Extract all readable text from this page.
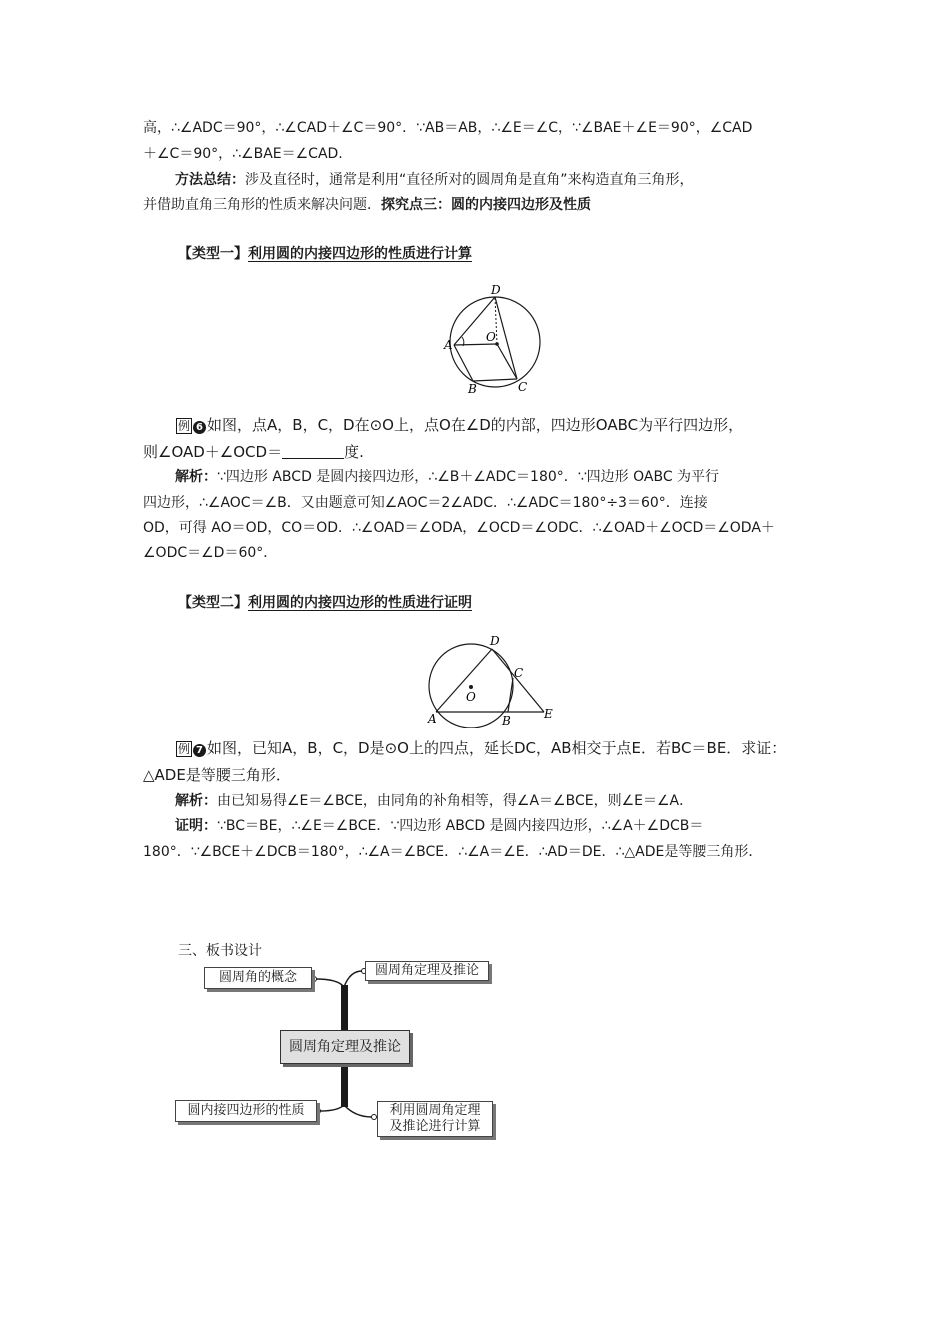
高，∴∠ADC＝90°，∴∠CAD＋∠C＝90°．∵AB＝AB，∴∠E＝∠C，∵∠BAE＋∠E＝90°，∠CAD
＋∠C＝90°，∴∠BAE＝∠CAD.
方法总结：涉及直径时，通常是利用“直径所对的圆周角是直角”来构造直角三角形，
并借助直角三角形的性质来解决问题．探究点三：圆的内接四边形及性质
【类型一】利用圆的内接四边形的性质进行计算
D
A
O
B	C
例 6 如图，点A，B，C，D在⊙O上，点O在∠D的内部，四边形OABC为平行四边形，
则∠OAD＋∠OCD＝	度.
解析：∵四边形 ABCD 是圆内接四边形，∴∠B＋∠ADC＝180°．∵四边形 OABC 为平行
四边形，∴∠AOC＝∠B．又由题意可知∠AOC＝2∠ADC．∴∠ADC＝180°÷3＝60°．连接
OD，可得 AO＝OD，CO＝OD．∴∠OAD＝∠ODA，∠OCD＝∠ODC．∴∠OAD＋∠OCD＝∠ODA＋
∠ODC＝∠D＝60°．
【类型二】利用圆的内接四边形的性质进行证明
D
C
O
A	B	E
例 7 如图，已知A，B，C，D是⊙O上的四点，延长DC，AB相交于点E．若BC＝BE．求证：
△ADE是等腰三角形．
解析：由已知易得∠E＝∠BCE，由同角的补角相等，得∠A＝∠BCE，则∠E＝∠A．
证明：∵BC＝BE，∴∠E＝∠BCE．∵四边形 ABCD 是圆内接四边形，∴∠A＋∠DCB＝
180°．∵∠BCE＋∠DCB＝180°，∴∠A＝∠BCE．∴∠A＝∠E．∴AD＝DE．∴△ADE是等腰三角形．
三、板书设计
圆周角的概念	圆周角定理及推论
圆周角定理及推论
圆内接四边形的性质	利用圆周角定理
及推论进行计算
